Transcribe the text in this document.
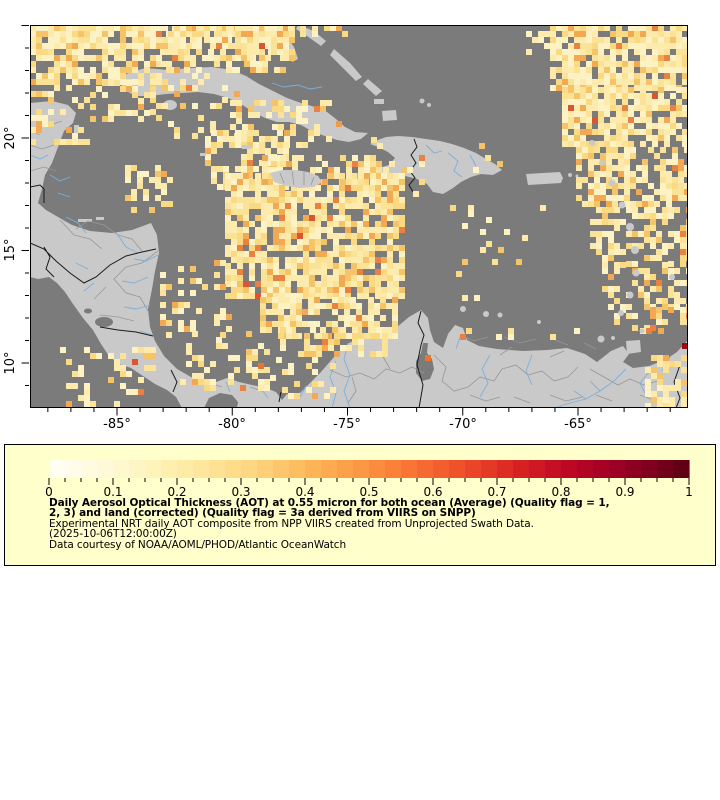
-85°	-80°	-75°	-70°	-65°
20°
15°
10°
0	0.1	0.2	0.3	0.4	0.5	0.6	0.7	0.8	0.9	1
Daily Aerosol Optical Thickness (AOT) at 0.55 micron for both ocean (Average) (Quality flag = 1,
2, 3) and land (corrected) (Quality flag = 3a derived from VIIRS on SNPP)
Experimental NRT daily AOT composite from NPP VIIRS created from Unprojected Swath Data.
(2025-10-06T12:00:00Z)
Data courtesy of NOAA/AOML/PHOD/Atlantic OceanWatch
